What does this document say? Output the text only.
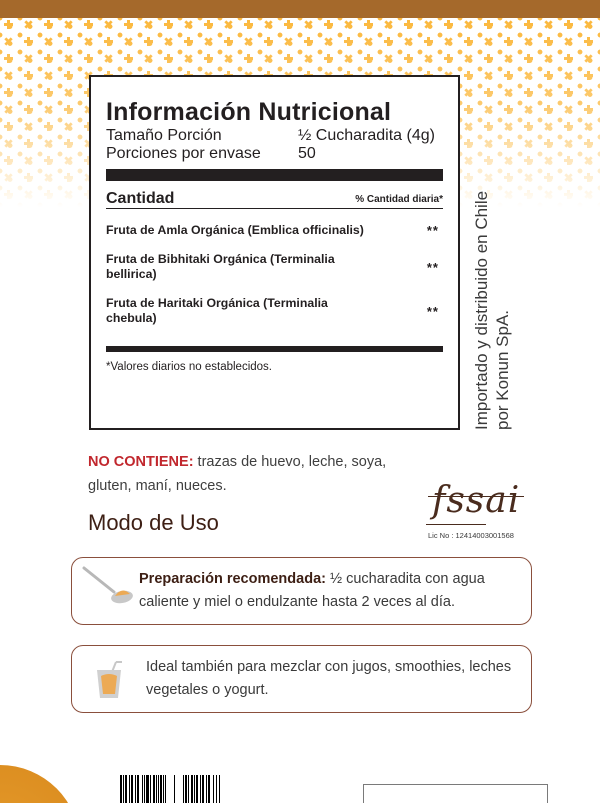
Información Nutricional
Tamaño Porción	½ Cucharadita (4g)
Porciones por envase	50
Cantidad	% Cantidad diaria*
Fruta de Amla Orgánica (Emblica officinalis)	**
Fruta de Bibhitaki Orgánica (Terminalia bellirica)	**
Fruta de Haritaki Orgánica (Terminalia chebula)	**
*Valores diarios no establecidos.	Importado y distribuido en Chile por Konun SpA.
NO CONTIENE: trazas de huevo, leche, soya, gluten, maní, nueces.
Modo de Uso
fssai
Lic No : 12414003001568
Preparación recomendada: ½ cucharadita con agua caliente y miel o endulzante hasta 2 veces al día.
Ideal también para mezclar con jugos, smoothies, leches vegetales o yogurt.
